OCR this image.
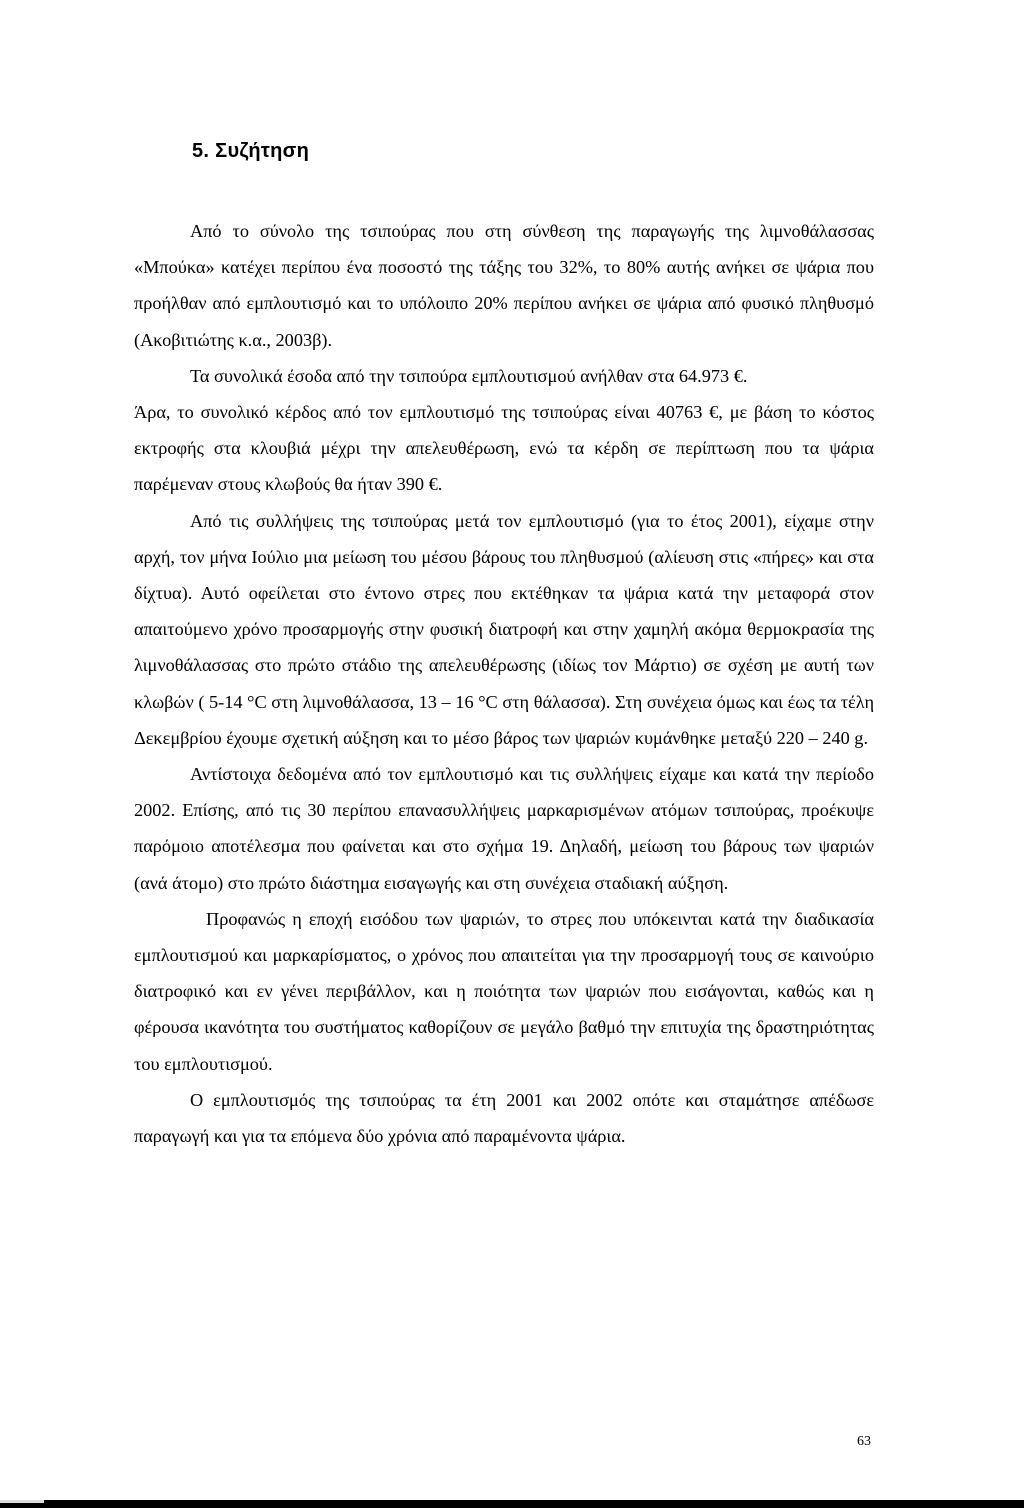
5. Συζήτηση

Από το σύνολο της τσιπούρας που στη σύνθεση της παραγωγής της λιμνοθάλασσας «Μπούκα» κατέχει περίπου ένα ποσοστό της τάξης του 32%, το 80% αυτής ανήκει σε ψάρια που προήλθαν από εμπλουτισμό και το υπόλοιπο 20% περίπου ανήκει σε ψάρια από φυσικό πληθυσμό (Ακοβιτιώτης κ.α., 2003β).

Τα συνολικά έσοδα από την τσιπούρα εμπλουτισμού ανήλθαν στα 64.973 €.

Άρα, το συνολικό κέρδος από τον εμπλουτισμό της τσιπούρας είναι 40763 €, με βάση το κόστος εκτροφής στα κλουβιά μέχρι την απελευθέρωση, ενώ τα κέρδη σε περίπτωση που τα ψάρια παρέμεναν στους κλωβούς θα ήταν 390 €.

Από τις συλλήψεις της τσιπούρας μετά τον εμπλουτισμό (για το έτος 2001), είχαμε στην αρχή, τον μήνα Ιούλιο μια μείωση του μέσου βάρους του πληθυσμού (αλίευση στις «πήρες» και στα δίχτυα). Αυτό οφείλεται στο έντονο στρες που εκτέθηκαν τα ψάρια κατά την μεταφορά στον απαιτούμενο χρόνο προσαρμογής στην φυσική διατροφή και στην χαμηλή ακόμα θερμοκρασία της λιμνοθάλασσας στο πρώτο στάδιο της απελευθέρωσης (ιδίως τον Μάρτιο) σε σχέση με αυτή των κλωβών ( 5-14 °C στη λιμνοθάλασσα, 13 – 16 °C στη θάλασσα). Στη συνέχεια όμως και έως τα τέλη Δεκεμβρίου έχουμε σχετική αύξηση και το μέσο βάρος των ψαριών κυμάνθηκε μεταξύ 220 – 240 g.

Αντίστοιχα δεδομένα από τον εμπλουτισμό και τις συλλήψεις είχαμε και κατά την περίοδο 2002. Επίσης, από τις 30 περίπου επανασυλλήψεις μαρκαρισμένων ατόμων τσιπούρας, προέκυψε παρόμοιο αποτέλεσμα που φαίνεται και στο σχήμα 19. Δηλαδή, μείωση του βάρους των ψαριών (ανά άτομο) στο πρώτο διάστημα εισαγωγής και στη συνέχεια σταδιακή αύξηση.

Προφανώς η εποχή εισόδου των ψαριών, το στρες που υπόκεινται κατά την διαδικασία εμπλουτισμού και μαρκαρίσματος, ο χρόνος που απαιτείται για την προσαρμογή τους σε καινούριο διατροφικό και εν γένει περιβάλλον, και η ποιότητα των ψαριών που εισάγονται, καθώς και η φέρουσα ικανότητα του συστήματος καθορίζουν σε μεγάλο βαθμό την επιτυχία της δραστηριότητας του εμπλουτισμού.

Ο εμπλουτισμός της τσιπούρας τα έτη 2001 και 2002 οπότε και σταμάτησε απέδωσε παραγωγή και για τα επόμενα δύο χρόνια από παραμένοντα ψάρια.

63
